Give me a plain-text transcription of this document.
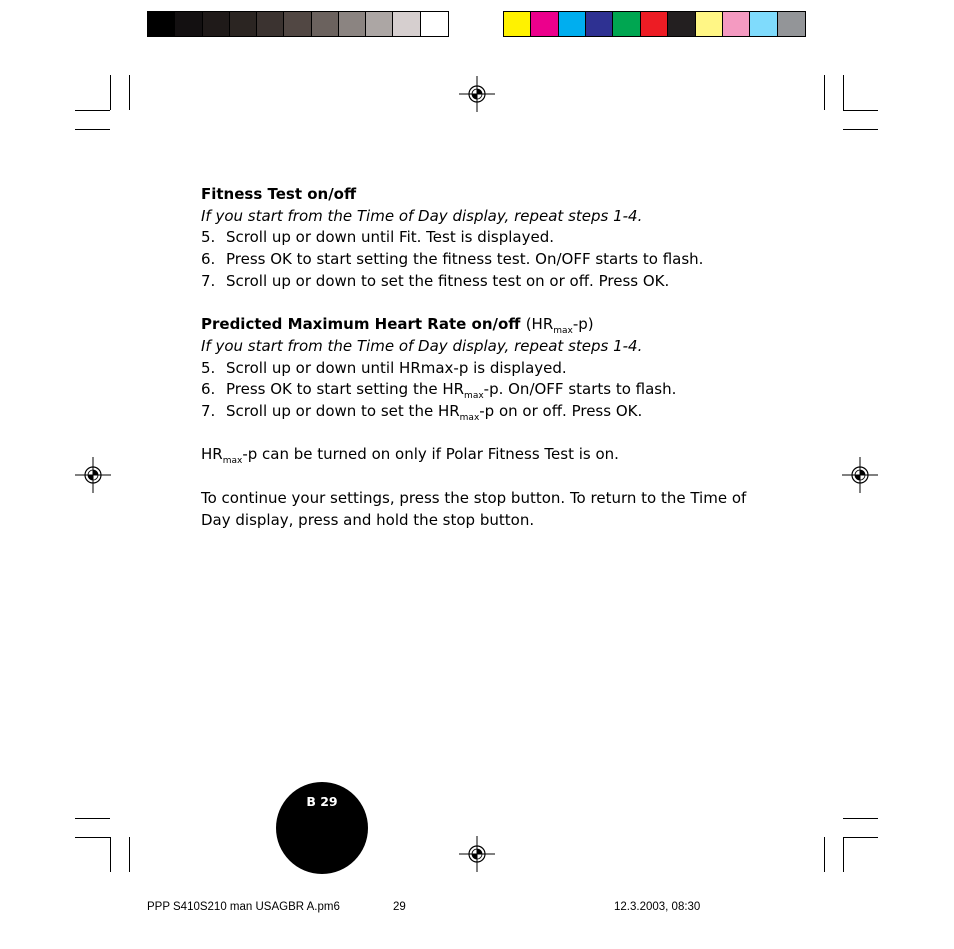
Fitness Test on/off

If you start from the Time of Day display, repeat steps 1-4.

5. Scroll up or down until Fit. Test is displayed.
6. Press OK to start setting the fitness test. On/OFF starts to flash.
7. Scroll up or down to set the fitness test on or off. Press OK.

Predicted Maximum Heart Rate on/off $(HR_{max}-p)$

If you start from the Time of Day display, repeat steps 1-4.

5. Scroll up or down until HRmax-p is displayed.
6. Press OK to start setting the $HR_{max}-p$. On/OFF starts to flash.
7. Scroll up or down to set the $HR_{max}-p$ on or off. Press OK.

$HR_{max}-p$ can be turned on only if Polar Fitness Test is on.

To continue your settings, press the stop button. To return to the Time of Day display, press and hold the stop button.

B 29
PPP S410S210 man USAGBR A.pm6	29	12.3.2003, 08:30
